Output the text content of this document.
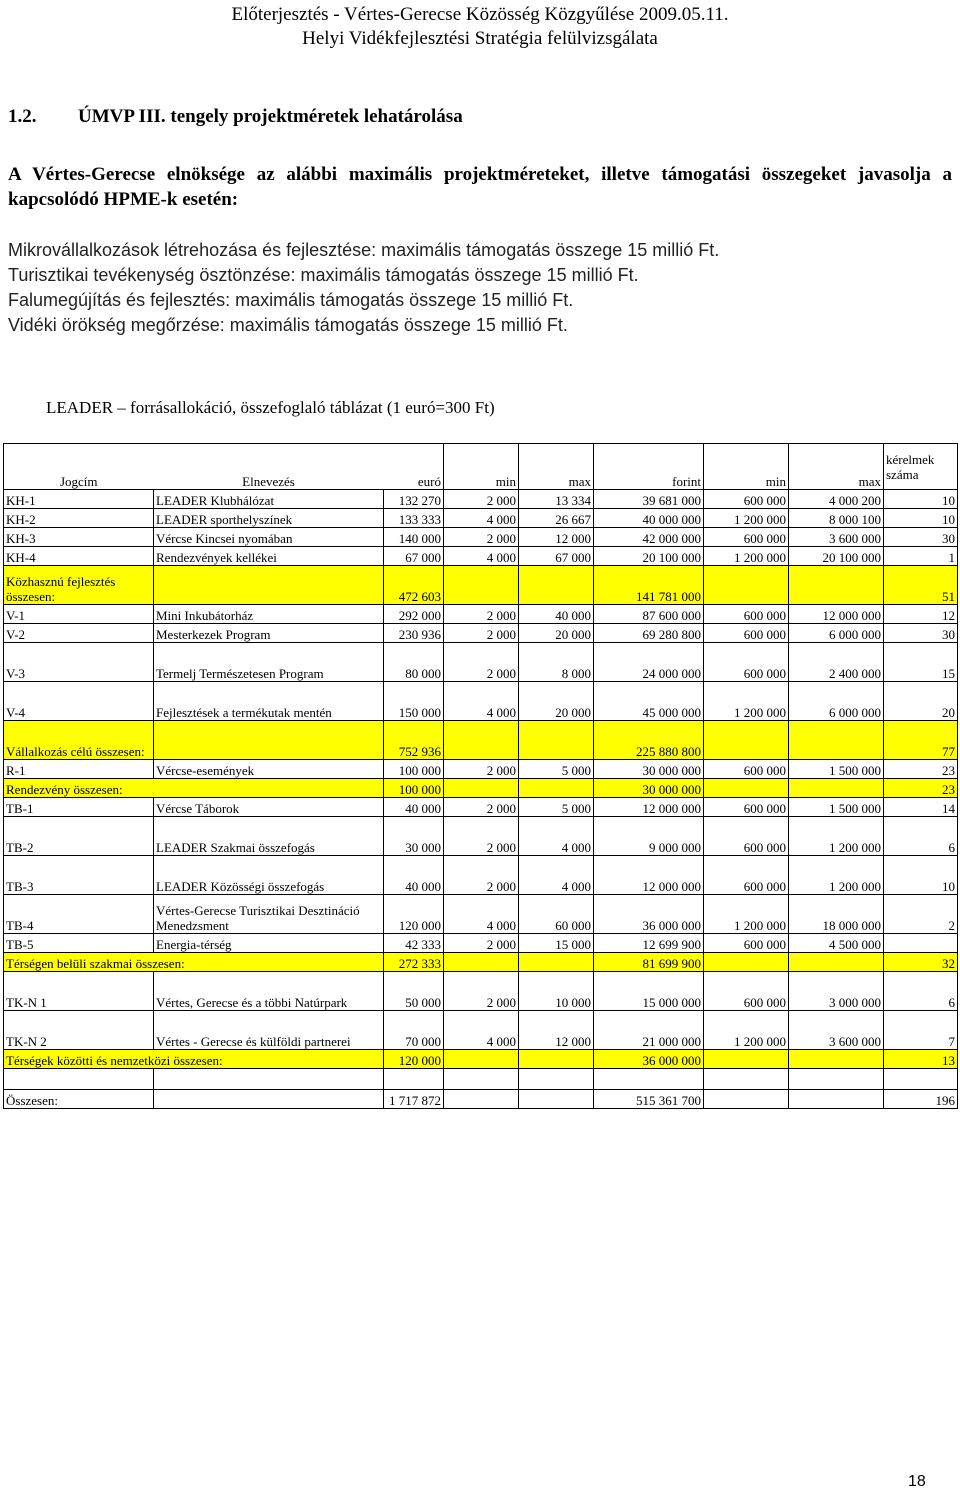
Előterjesztés - Vértes-Gerecse Közösség Közgyűlése 2009.05.11.
Helyi Vidékfejlesztési Stratégia felülvizsgálata
1.2. ÚMVP III. tengely projektméretek lehatárolása
A Vértes-Gerecse elnöksége az alábbi maximális projektméreteket, illetve támogatási összegeket javasolja a kapcsolódó HPME-k esetén:
Mikrovállalkozások létrehozása és fejlesztése: maximális támogatás összege 15 millió Ft.
Turisztikai tevékenység ösztönzése: maximális támogatás összege 15 millió Ft.
Falumegújítás és fejlesztés: maximális támogatás összege 15 millió Ft.
Vidéki örökség megőrzése: maximális támogatás összege 15 millió Ft.
LEADER – forrásallokáció, összefoglaló táblázat (1 euró=300 Ft)
Jogcím	Elnevezés	euró	min	max	forint	min	max	kérelmek száma
KH-1	LEADER Klubhálózat	132 270	2 000	13 334	39 681 000	600 000	4 000 200	10
KH-2	LEADER sporthelyszínek	133 333	4 000	26 667	40 000 000	1 200 000	8 000 100	10
KH-3	Vércse Kincsei nyomában	140 000	2 000	12 000	42 000 000	600 000	3 600 000	30
KH-4	Rendezvények kellékei	67 000	4 000	67 000	20 100 000	1 200 000	20 100 000	1
Közhasznú fejlesztés összesen:		472 603			141 781 000			51
V-1	Mini Inkubátorház	292 000	2 000	40 000	87 600 000	600 000	12 000 000	12
V-2	Mesterkezek Program	230 936	2 000	20 000	69 280 800	600 000	6 000 000	30
V-3	Termelj Természetesen Program	80 000	2 000	8 000	24 000 000	600 000	2 400 000	15
V-4	Fejlesztések a termékutak mentén	150 000	4 000	20 000	45 000 000	1 200 000	6 000 000	20
Vállalkozás célú összesen:		752 936			225 880 800			77
R-1	Vércse-események	100 000	2 000	5 000	30 000 000	600 000	1 500 000	23
Rendezvény összesen:		100 000			30 000 000			23
TB-1	Vércse Táborok	40 000	2 000	5 000	12 000 000	600 000	1 500 000	14
TB-2	LEADER Szakmai összefogás	30 000	2 000	4 000	9 000 000	600 000	1 200 000	6
TB-3	LEADER Közösségi összefogás	40 000	2 000	4 000	12 000 000	600 000	1 200 000	10
TB-4	Vértes-Gerecse Turisztikai Desztináció Menedzsment	120 000	4 000	60 000	36 000 000	1 200 000	18 000 000	2
TB-5	Energia-térség	42 333	2 000	15 000	12 699 900	600 000	4 500 000	
Térségen belüli szakmai összesen:		272 333			81 699 900			32
TK-N 1	Vértes, Gerecse és a többi Natúrpark	50 000	2 000	10 000	15 000 000	600 000	3 000 000	6
TK-N 2	Vértes - Gerecse és külföldi partnerei	70 000	4 000	12 000	21 000 000	1 200 000	3 600 000	7
Térségek közötti és nemzetközi összesen:		120 000			36 000 000			13

Összesen:		1 717 872			515 361 700			196
18
